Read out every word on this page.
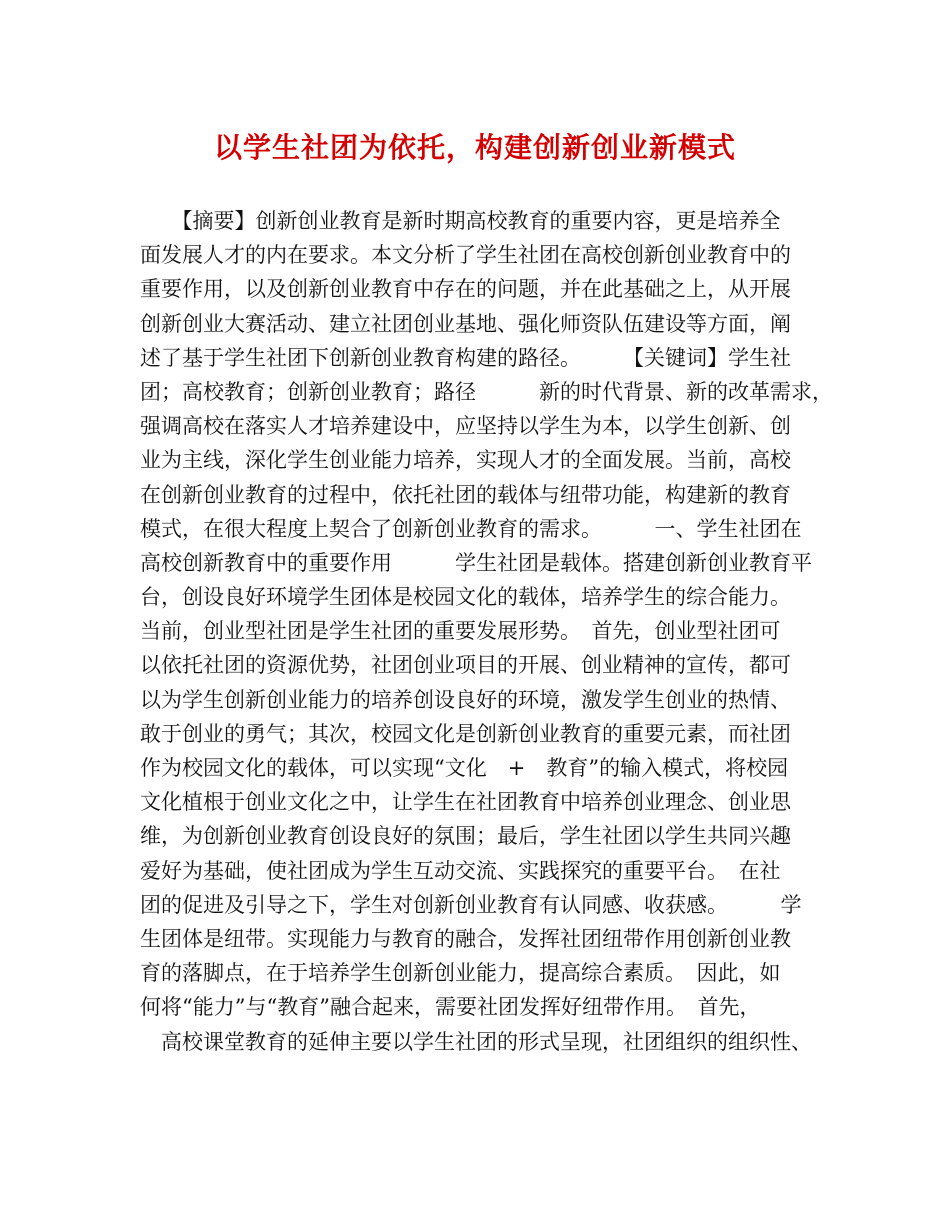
以学生社团为依托，构建创新创业新模式
　　【摘要】创新创业教育是新时期高校教育的重要内容，更是培养全
面发展人才的内在要求。本文分析了学生社团在高校创新创业教育中的
重要作用，以及创新创业教育中存在的问题，并在此基础之上，从开展
创新创业大赛活动、建立社团创业基地、强化师资队伍建设等方面，阐
述了基于学生社团下创新创业教育构建的路径。　　　【关键词】学生社
团；高校教育；创新创业教育；路径　　　新的时代背景、新的改革需求，
强调高校在落实人才培养建设中，应坚持以学生为本，以学生创新、创
业为主线，深化学生创业能力培养，实现人才的全面发展。当前，高校
在创新创业教育的过程中，依托社团的载体与纽带功能，构建新的教育
模式，在很大程度上契合了创新创业教育的需求。　　　一、学生社团在
高校创新教育中的重要作用　　　学生社团是载体。搭建创新创业教育平
台，创设良好环境学生团体是校园文化的载体，培养学生的综合能力。
当前，创业型社团是学生社团的重要发展形势。　首先，创业型社团可
以依托社团的资源优势，社团创业项目的开展、创业精神的宣传，都可
以为学生创新创业能力的培养创设良好的环境，激发学生创业的热情、
敢于创业的勇气；其次，校园文化是创新创业教育的重要元素，而社团
作为校园文化的载体，可以实现“文化　+　教育”的输入模式，将校园
文化植根于创业文化之中，让学生在社团教育中培养创业理念、创业思
维，为创新创业教育创设良好的氛围；最后，学生社团以学生共同兴趣
爱好为基础，使社团成为学生互动交流、实践探究的重要平台。　在社
团的促进及引导之下，学生对创新创业教育有认同感、收获感。　　　学
生团体是纽带。实现能力与教育的融合，发挥社团纽带作用创新创业教
育的落脚点，在于培养学生创新创业能力，提高综合素质。　因此，如
何将“能力”与“教育”融合起来，需要社团发挥好纽带作用。　首先，
　高校课堂教育的延伸主要以学生社团的形式呈现，社团组织的组织性、
